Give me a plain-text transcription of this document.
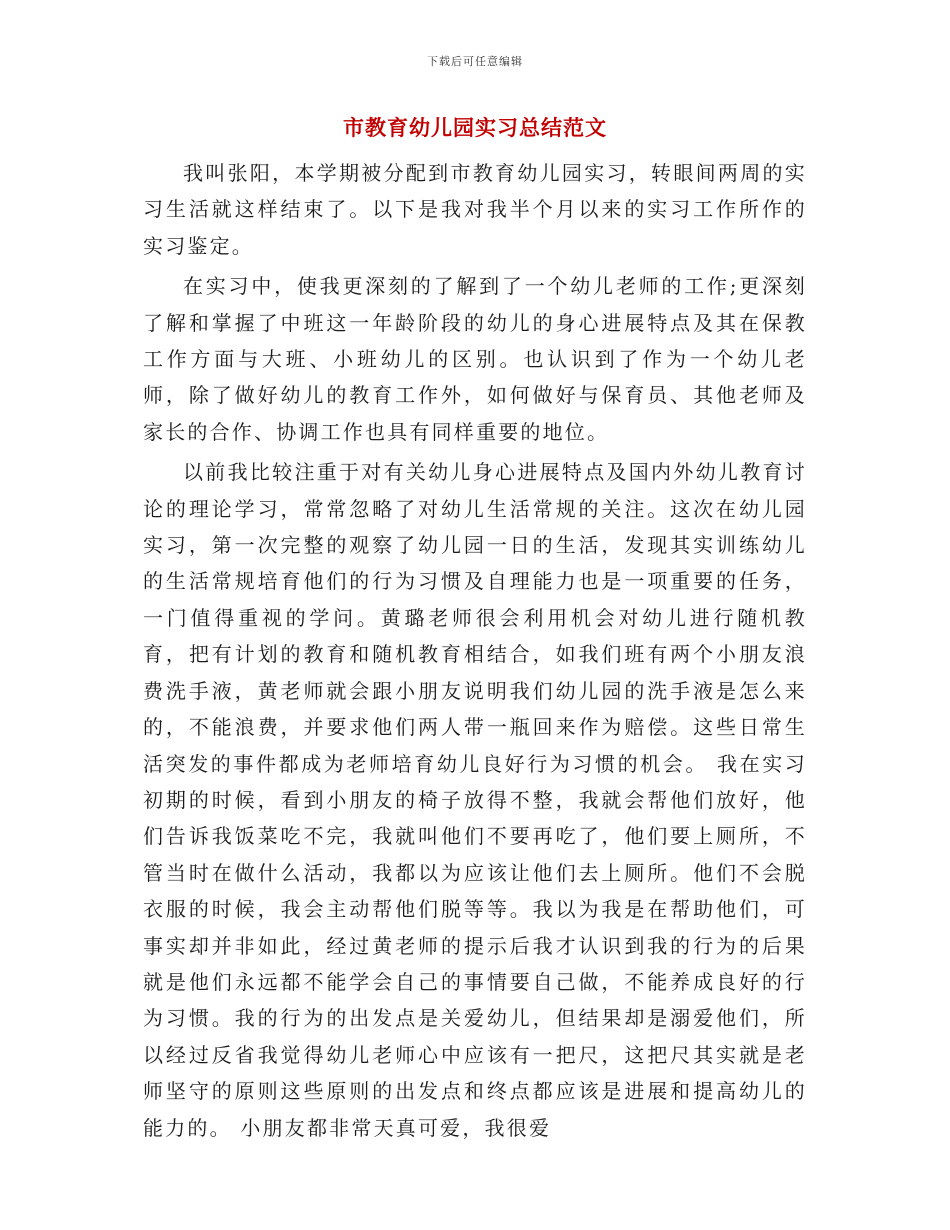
下载后可任意编辑
市教育幼儿园实习总结范文

我叫张阳，本学期被分配到市教育幼儿园实习，转眼间两周的实习生活就这样结束了。以下是我对我半个月以来的实习工作所作的实习鉴定。

在实习中，使我更深刻的了解到了一个幼儿老师的工作;更深刻了解和掌握了中班这一年龄阶段的幼儿的身心进展特点及其在保教工作方面与大班、小班幼儿的区别。也认识到了作为一个幼儿老师，除了做好幼儿的教育工作外，如何做好与保育员、其他老师及家长的合作、协调工作也具有同样重要的地位。

以前我比较注重于对有关幼儿身心进展特点及国内外幼儿教育讨论的理论学习，常常忽略了对幼儿生活常规的关注。这次在幼儿园实习，第一次完整的观察了幼儿园一日的生活，发现其实训练幼儿的生活常规培育他们的行为习惯及自理能力也是一项重要的任务，一门值得重视的学问。黄璐老师很会利用机会对幼儿进行随机教育，把有计划的教育和随机教育相结合，如我们班有两个小朋友浪费洗手液，黄老师就会跟小朋友说明我们幼儿园的洗手液是怎么来的，不能浪费，并要求他们两人带一瓶回来作为赔偿。这些日常生活突发的事件都成为老师培育幼儿良好行为习惯的机会。 我在实习初期的时候，看到小朋友的椅子放得不整，我就会帮他们放好，他们告诉我饭菜吃不完，我就叫他们不要再吃了，他们要上厕所，不管当时在做什么活动，我都以为应该让他们去上厕所。他们不会脱衣服的时候，我会主动帮他们脱等等。我以为我是在帮助他们，可事实却并非如此，经过黄老师的提示后我才认识到我的行为的后果就是他们永远都不能学会自己的事情要自己做，不能养成良好的行为习惯。我的行为的出发点是关爱幼儿，但结果却是溺爱他们，所以经过反省我觉得幼儿老师心中应该有一把尺，这把尺其实就是老师坚守的原则这些原则的出发点和终点都应该是进展和提高幼儿的能力的。 小朋友都非常天真可爱，我很爱
